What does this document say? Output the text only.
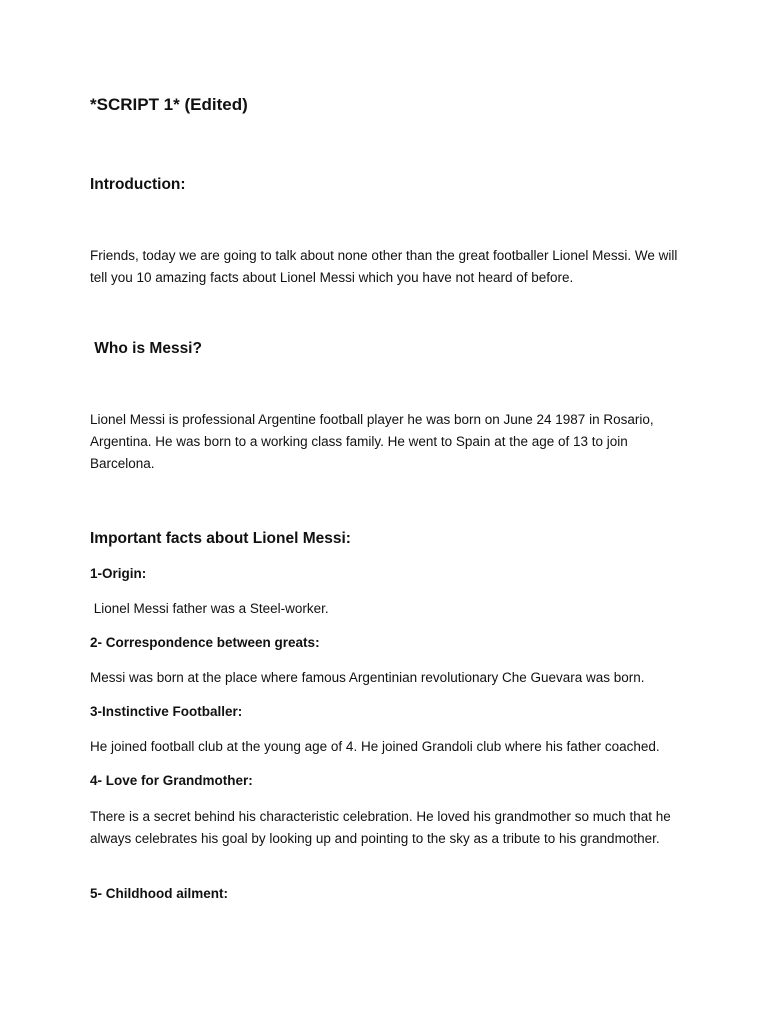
*SCRIPT 1* (Edited)
Introduction:
Friends, today we are going to talk about none other than the great footballer Lionel Messi. We will tell you 10 amazing facts about Lionel Messi which you have not heard of before.
Who is Messi?
Lionel Messi is professional Argentine football player he was born on June 24 1987 in Rosario, Argentina. He was born to a working class family. He went to Spain at the age of 13 to join Barcelona.
Important facts about Lionel Messi:
1-Origin:
Lionel Messi father was a Steel-worker.
2- Correspondence between greats:
Messi was born at the place where famous Argentinian revolutionary Che Guevara was born.
3-Instinctive Footballer:
He joined football club at the young age of 4. He joined Grandoli club where his father coached.
4- Love for Grandmother:
There is a secret behind his characteristic celebration. He loved his grandmother so much that he always celebrates his goal by looking up and pointing to the sky as a tribute to his grandmother.
5- Childhood ailment:
